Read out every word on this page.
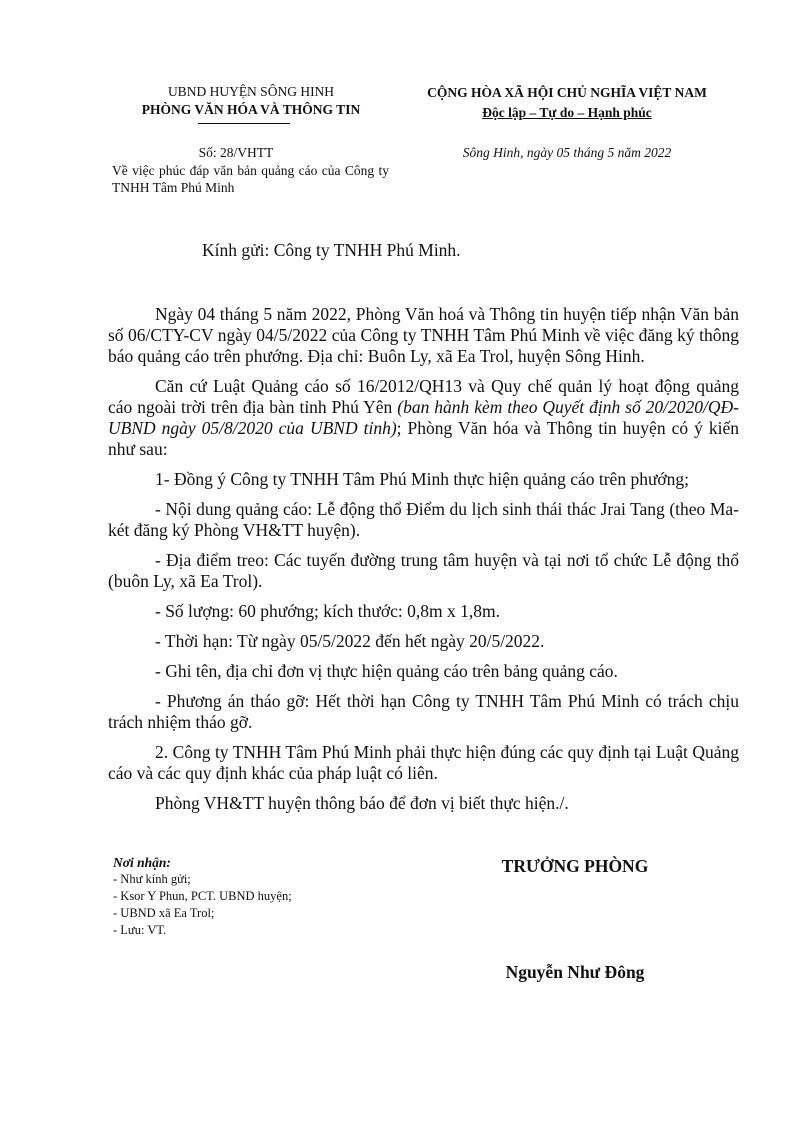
UBND HUYỆN SÔNG HINH
PHÒNG VĂN HÓA VÀ THÔNG TIN
CỘNG HÒA XÃ HỘI CHỦ NGHĨA VIỆT NAM
Độc lập – Tự do – Hạnh phúc
Số: 28/VHTT	Sông Hinh, ngày 05 tháng 5 năm 2022
Về việc phúc đáp văn bản quảng cáo của Công ty TNHH Tâm Phú Minh
Kính gửi: Công ty TNHH Phú Minh.

Ngày 04 tháng 5 năm 2022, Phòng Văn hoá và Thông tin huyện tiếp nhận Văn bản số 06/CTY-CV ngày 04/5/2022 của Công ty TNHH Tâm Phú Minh về việc đăng ký thông báo quảng cáo trên phướng. Địa chỉ: Buôn Ly, xã Ea Trol, huyện Sông Hinh.

Căn cứ Luật Quảng cáo số 16/2012/QH13 và Quy chế quản lý hoạt động quảng cáo ngoài trời trên địa bàn tỉnh Phú Yên (ban hành kèm theo Quyết định số 20/2020/QĐ-UBND ngày 05/8/2020 của UBND tỉnh); Phòng Văn hóa và Thông tin huyện có ý kiến như sau:

1- Đồng ý Công ty TNHH Tâm Phú Minh thực hiện quảng cáo trên phướng;

- Nội dung quảng cáo: Lễ động thổ Điểm du lịch sinh thái thác Jrai Tang (theo Ma-két đăng ký Phòng VH&TT huyện).

- Địa điểm treo: Các tuyến đường trung tâm huyện và tại nơi tổ chức Lễ động thổ (buôn Ly, xã Ea Trol).

- Số lượng: 60 phướng; kích thước: 0,8m x 1,8m.

- Thời hạn: Từ ngày 05/5/2022 đến hết ngày 20/5/2022.

- Ghi tên, địa chỉ đơn vị thực hiện quảng cáo trên bảng quảng cáo.

- Phương án tháo gỡ: Hết thời hạn Công ty TNHH Tâm Phú Minh có trách chịu trách nhiệm tháo gỡ.

2. Công ty TNHH Tâm Phú Minh phải thực hiện đúng các quy định tại Luật Quảng cáo và các quy định khác của pháp luật có liên.

Phòng VH&TT huyện thông báo để đơn vị biết thực hiện./.

Nơi nhận:
- Như kính gửi;
- Ksor Y Phun, PCT. UBND huyện;
- UBND xã Ea Trol;
- Lưu: VT.
TRƯỞNG PHÒNG
Nguyễn Như Đông
